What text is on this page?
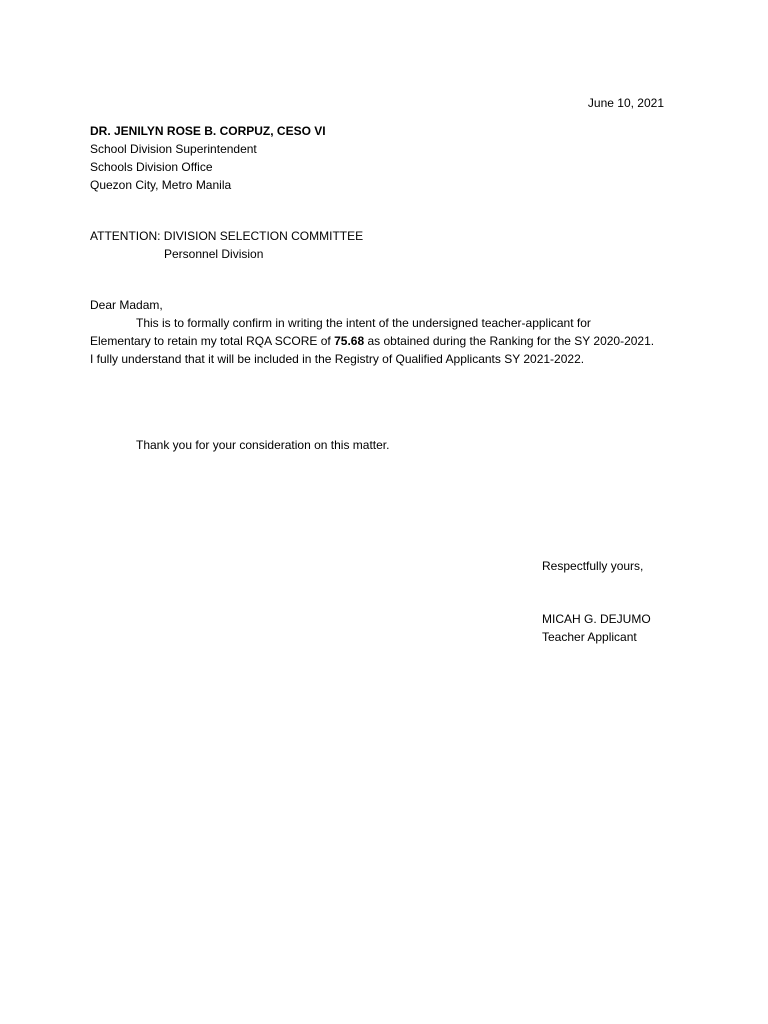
June 10, 2021
DR. JENILYN ROSE B. CORPUZ, CESO VI
School Division Superintendent
Schools Division Office
Quezon City, Metro Manila
ATTENTION: DIVISION SELECTION COMMITTEE
Personnel Division
Dear Madam,
This is to formally confirm in writing the intent of the undersigned teacher-applicant for
Elementary to retain my total RQA SCORE of 75.68 as obtained during the Ranking for the SY 2020-2021.
I fully understand that it will be included in the Registry of Qualified Applicants SY 2021-2022.
Thank you for your consideration on this matter.
Respectfully yours,
MICAH G. DEJUMO
Teacher Applicant
